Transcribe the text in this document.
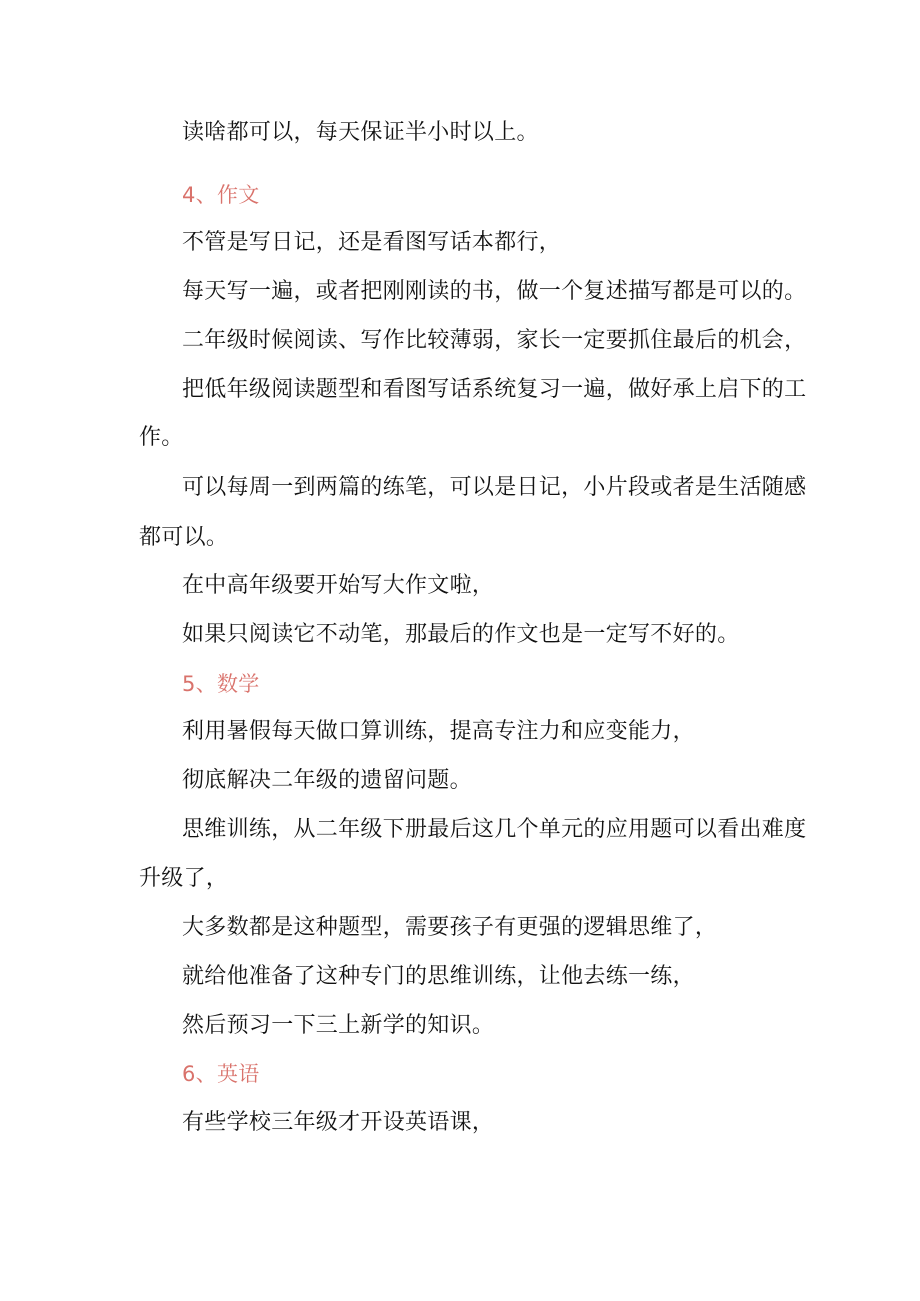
读啥都可以，每天保证半小时以上。
4、作文
不管是写日记，还是看图写话本都行，
每天写一遍，或者把刚刚读的书，做一个复述描写都是可以的。
二年级时候阅读、写作比较薄弱，家长一定要抓住最后的机会，
把低年级阅读题型和看图写话系统复习一遍，做好承上启下的工
作。
可以每周一到两篇的练笔，可以是日记，小片段或者是生活随感
都可以。
在中高年级要开始写大作文啦，
如果只阅读它不动笔，那最后的作文也是一定写不好的。
5、数学
利用暑假每天做口算训练，提高专注力和应变能力，
彻底解决二年级的遗留问题。
思维训练，从二年级下册最后这几个单元的应用题可以看出难度
升级了，
大多数都是这种题型，需要孩子有更强的逻辑思维了，
就给他准备了这种专门的思维训练，让他去练一练，
然后预习一下三上新学的知识。
6、英语
有些学校三年级才开设英语课，
